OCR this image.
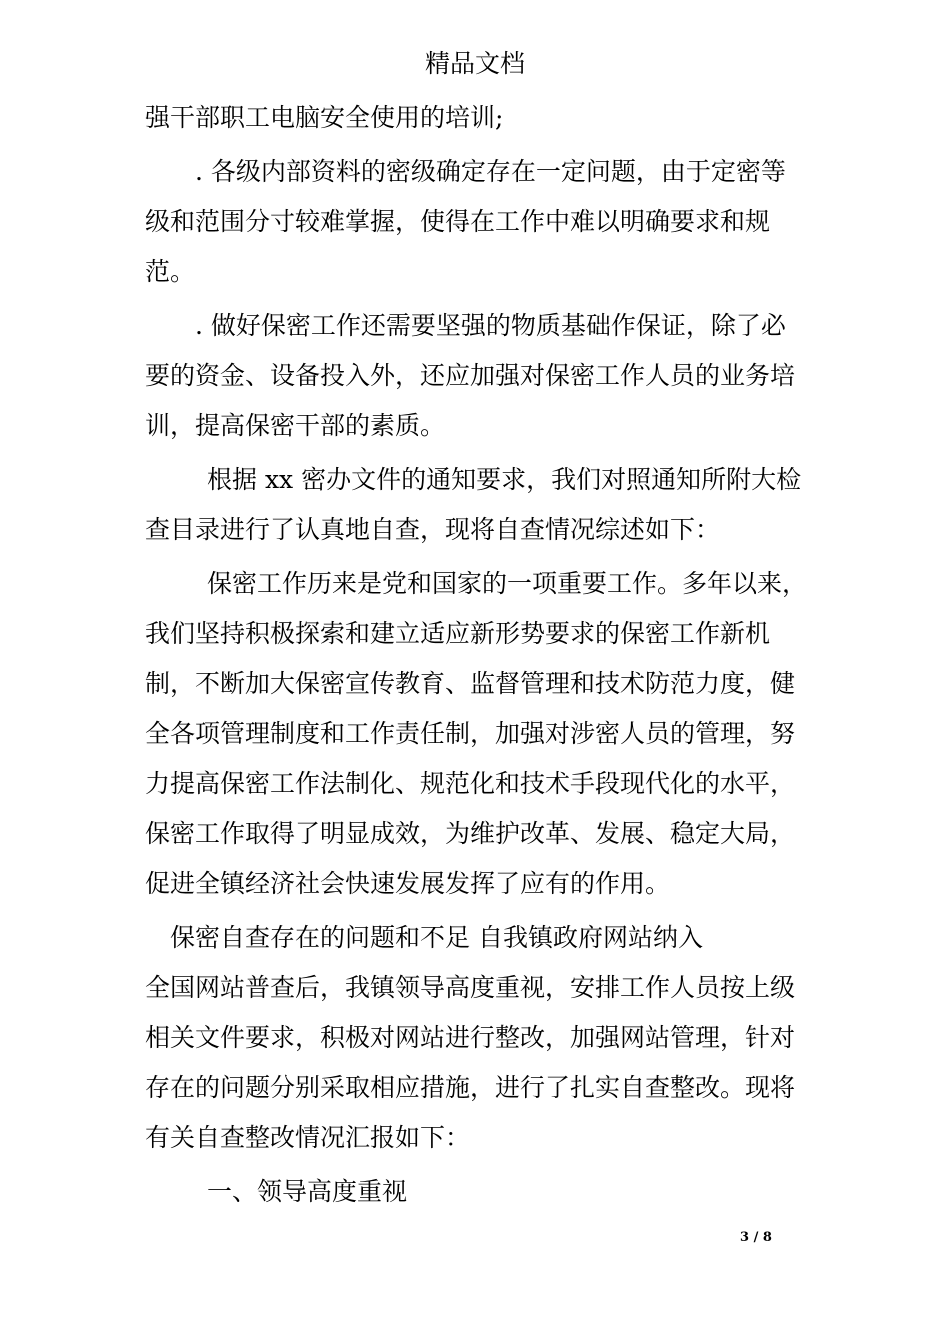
精品文档
强干部职工电脑安全使用的培训;
. 各级内部资料的密级确定存在一定问题，由于定密等
级和范围分寸较难掌握，使得在工作中难以明确要求和规
范。
. 做好保密工作还需要坚强的物质基础作保证，除了必
要的资金、设备投入外，还应加强对保密工作人员的业务培
训，提高保密干部的素质。
根据 xx 密办文件的通知要求，我们对照通知所附大检
查目录进行了认真地自查，现将自查情况综述如下：
保密工作历来是党和国家的一项重要工作。多年以来，
我们坚持积极探索和建立适应新形势要求的保密工作新机
制，不断加大保密宣传教育、监督管理和技术防范力度，健
全各项管理制度和工作责任制，加强对涉密人员的管理，努
力提高保密工作法制化、规范化和技术手段现代化的水平，
保密工作取得了明显成效，为维护改革、发展、稳定大局，
促进全镇经济社会快速发展发挥了应有的作用。
保密自查存在的问题和不足 自我镇政府网站纳入
全国网站普查后，我镇领导高度重视，安排工作人员按上级
相关文件要求，积极对网站进行整改，加强网站管理，针对
存在的问题分别采取相应措施，进行了扎实自查整改。现将
有关自查整改情况汇报如下：
一、领导高度重视
3 / 8
